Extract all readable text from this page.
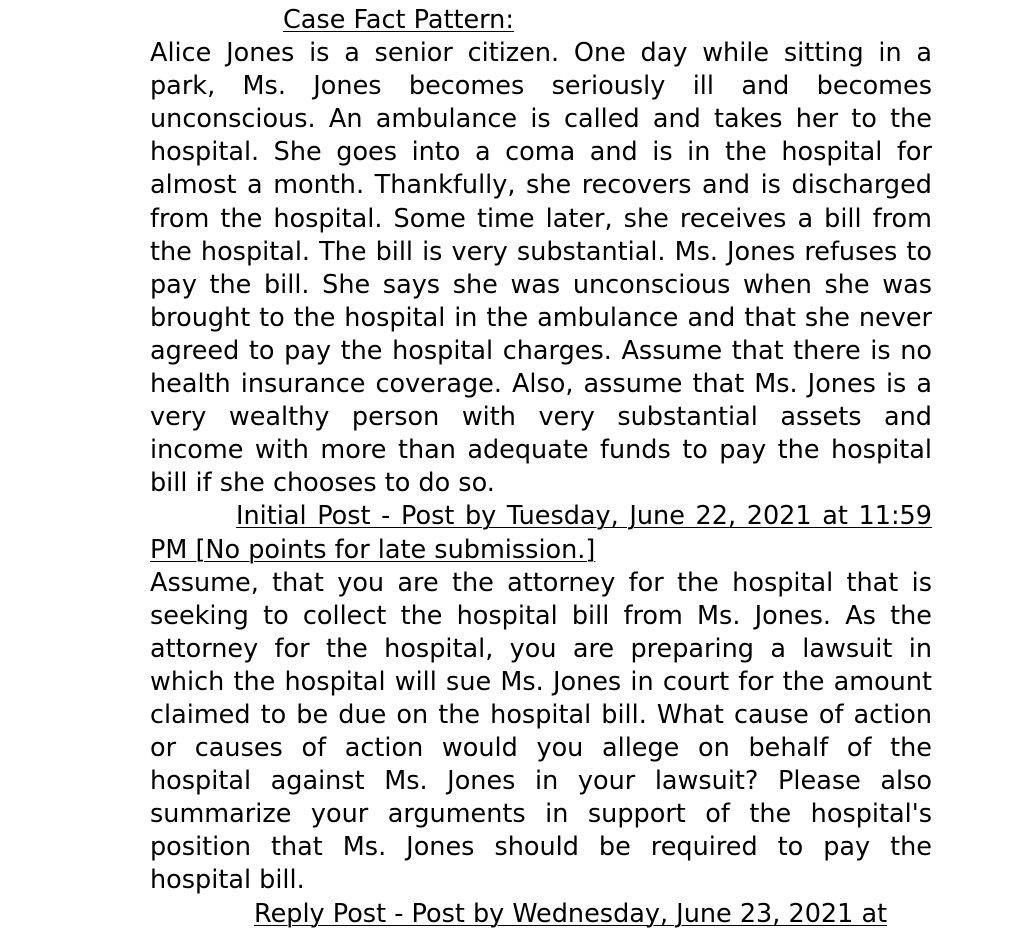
Case Fact Pattern:

Alice Jones is a senior citizen. One day while sitting in a park, Ms. Jones becomes seriously ill and becomes unconscious. An ambulance is called and takes her to the hospital. She goes into a coma and is in the hospital for almost a month. Thankfully, she recovers and is discharged from the hospital. Some time later, she receives a bill from the hospital. The bill is very substantial. Ms. Jones refuses to pay the bill. She says she was unconscious when she was brought to the hospital in the ambulance and that she never agreed to pay the hospital charges. Assume that there is no health insurance coverage. Also, assume that Ms. Jones is a very wealthy person with very substantial assets and income with more than adequate funds to pay the hospital bill if she chooses to do so.

Initial Post - Post by Tuesday, June 22, 2021 at 11:59 PM [No points for late submission.]

Assume, that you are the attorney for the hospital that is seeking to collect the hospital bill from Ms. Jones. As the attorney for the hospital, you are preparing a lawsuit in which the hospital will sue Ms. Jones in court for the amount claimed to be due on the hospital bill. What cause of action or causes of action would you allege on behalf of the hospital against Ms. Jones in your lawsuit? Please also summarize your arguments in support of the hospital's position that Ms. Jones should be required to pay the hospital bill.

Reply Post - Post by Wednesday, June 23, 2021 at
